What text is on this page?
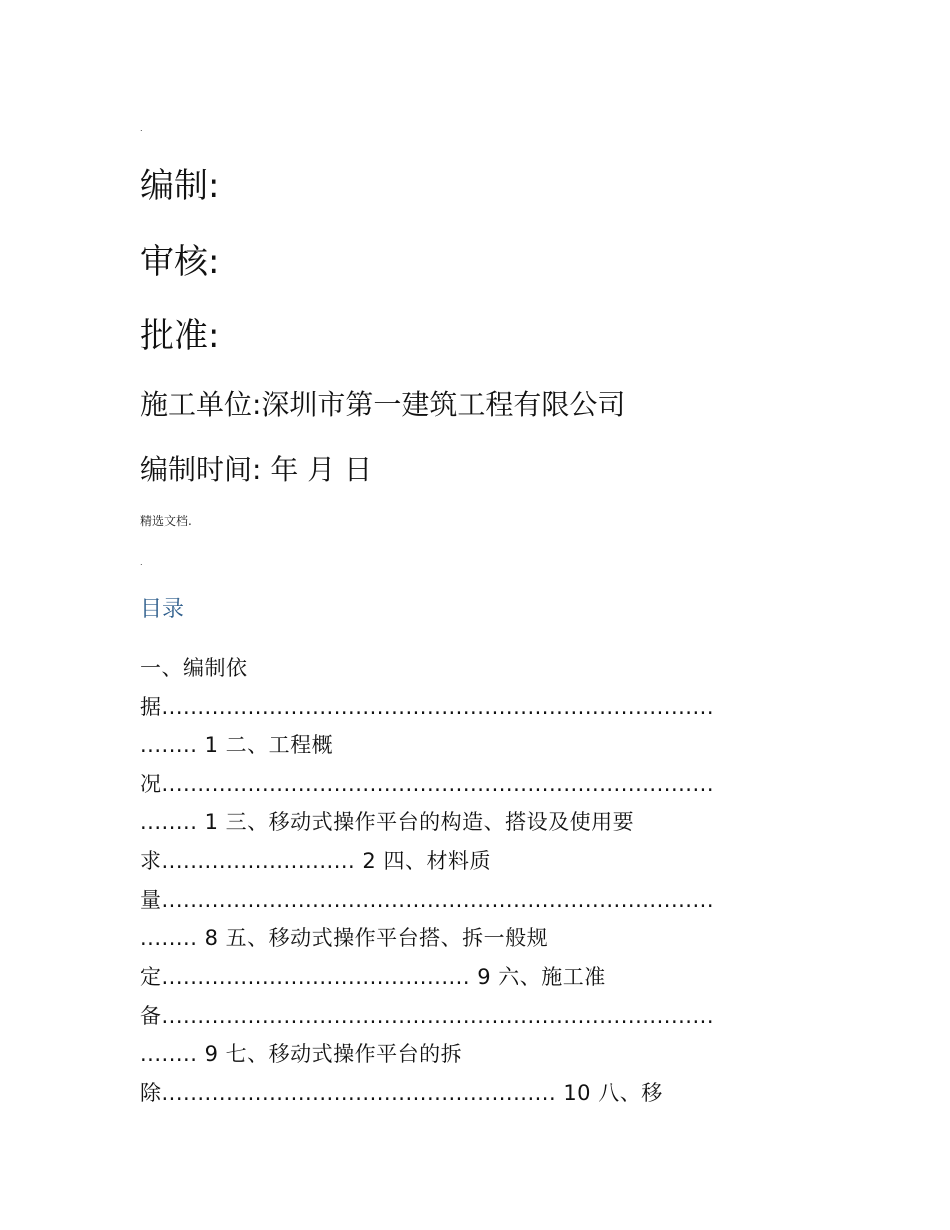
.
编制:
审核:
批准:
施工单位:深圳市第一建筑工程有限公司
编制时间: 年 月 日
精选文档.
.
目录
一、编制依
据.............................................................................
........ 1 二、工程概
况.............................................................................
........ 1 三、移动式操作平台的构造、搭设及使用要
求........................... 2 四、材料质
量.............................................................................
........ 8 五、移动式操作平台搭、拆一般规
定........................................... 9 六、施工准
备.............................................................................
........ 9 七、移动式操作平台的拆
除....................................................... 10 八、移
